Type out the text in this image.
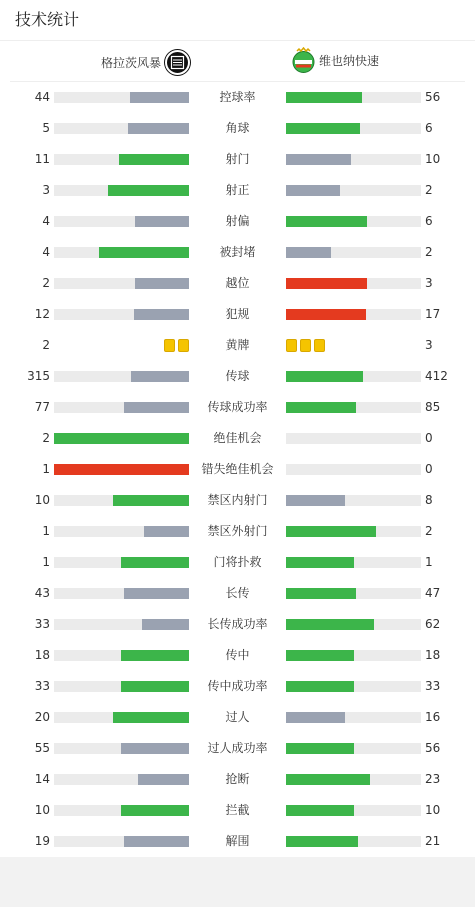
技术统计
格拉茨风暴	维也纳快速
44	控球率	56
5	角球	6
11	射门	10
3	射正	2
4	射偏	6
4	被封堵	2
2	越位	3
12	犯规	17
2	黄牌	3
315	传球	412
77	传球成功率	85
2	绝佳机会	0
1	错失绝佳机会	0
10	禁区内射门	8
1	禁区外射门	2
1	门将扑救	1
43	长传	47
33	长传成功率	62
18	传中	18
33	传中成功率	33
20	过人	16
55	过人成功率	56
14	抢断	23
10	拦截	10
19	解围	21
